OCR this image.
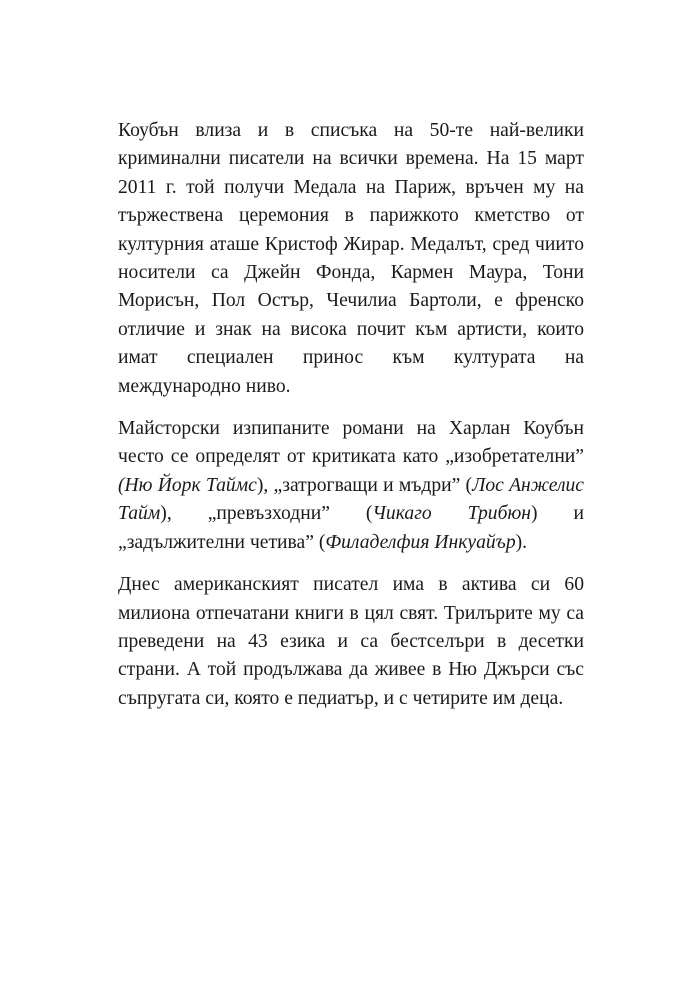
Коубън влиза и в списъка на 50-те най-велики криминални писатели на всички времена. На 15 март 2011 г. той получи Медала на Париж, връчен му на тържествена церемония в парижкото кметство от културния аташе Кристоф Жирар. Медалът, сред чиито носители са Джейн Фонда, Кармен Маура, Тони Морисън, Пол Остър, Чечилиа Бартоли, е френско отличие и знак на висока почит към артисти, които имат специален принос към културата на международно ниво.

Майсторски изпипаните романи на Харлан Коубън често се определят от критиката като „изобретателни” (Ню Йорк Таймс), „затрогващи и мъдри” (Лос Анжелис Тайм), „превъзходни” (Чикаго Трибюн) и „задължителни четива” (Филаделфия Инкуайър).

Днес американският писател има в актива си 60 милиона отпечатани книги в цял свят. Трилърите му са преведени на 43 езика и са бестселъри в десетки страни. А той продължава да живее в Ню Джърси със съпругата си, която е педиатър, и с четирите им деца.
